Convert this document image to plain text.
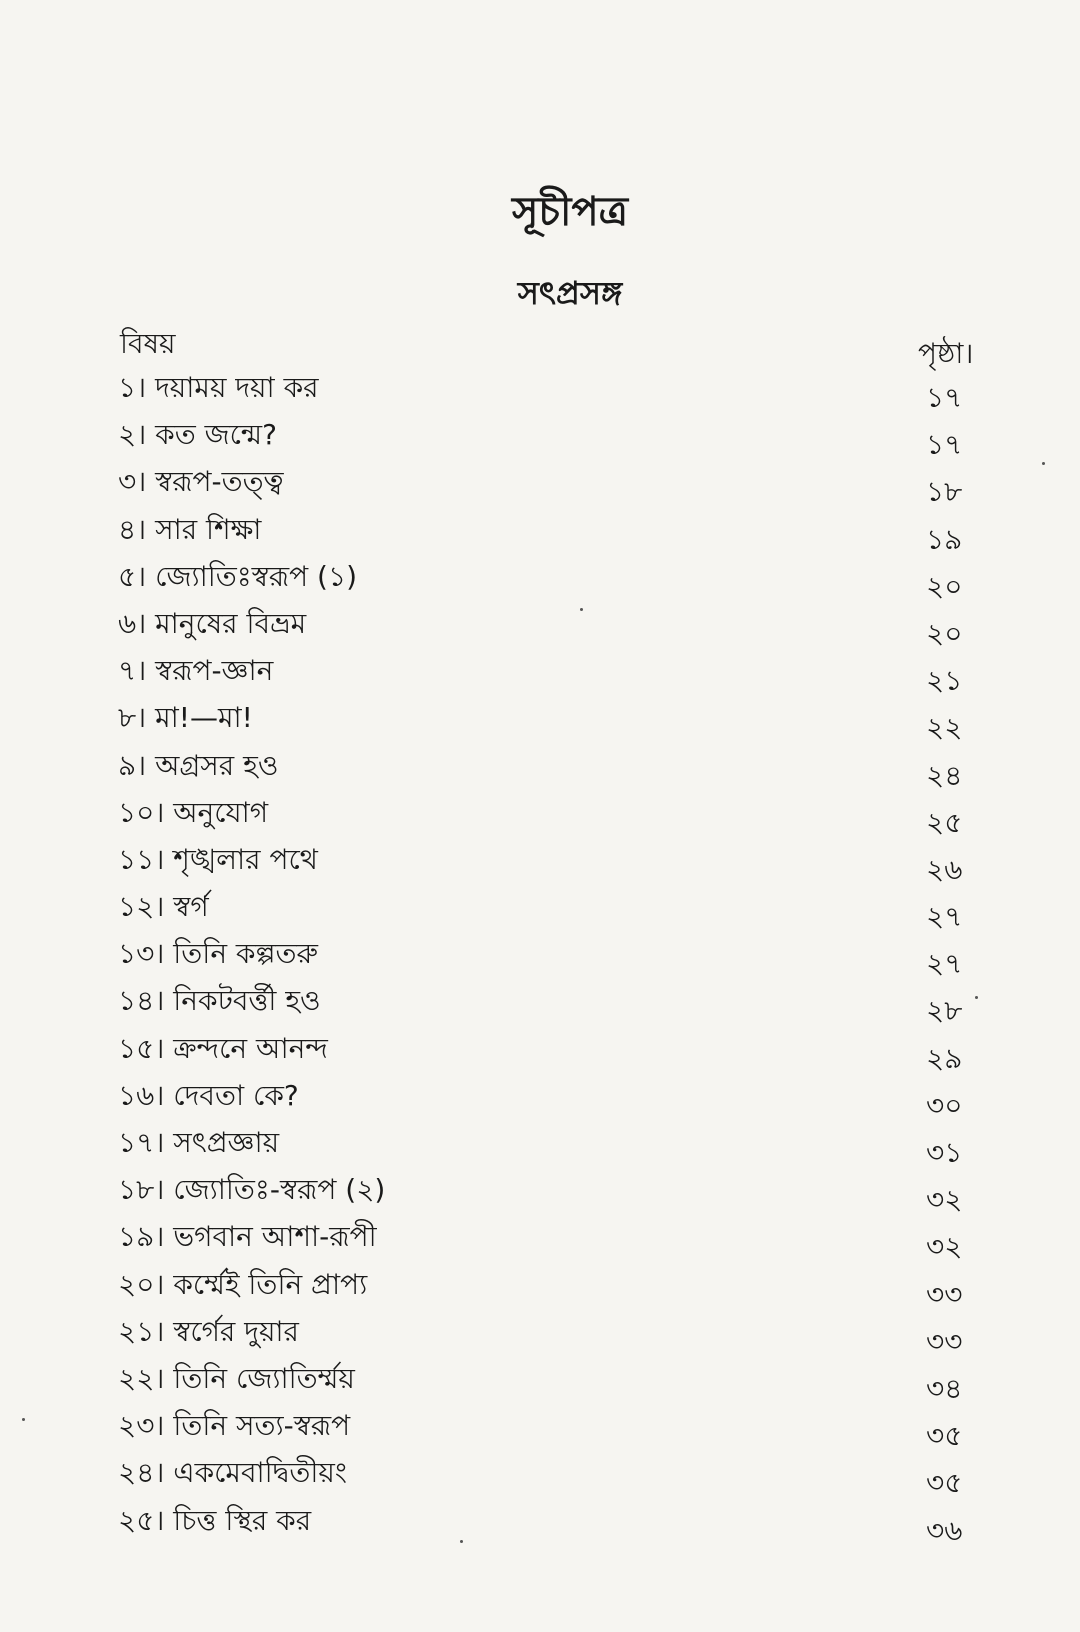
সূচীপত্র
সৎপ্রসঙ্গ
বিষয়	পৃষ্ঠা।
১। দয়াময় দয়া কর	১৭
২। কত জন্মে?	১৭
৩। স্বরূপ-তত্ত্ব	১৮
৪। সার শিক্ষা	১৯
৫। জ্যোতিঃস্বরূপ (১)	২০
৬। মানুষের বিভ্রম	২০
৭। স্বরূপ-জ্ঞান	২১
৮। মা!—মা!	২২
৯। অগ্রসর হও	২৪
১০। অনুযোগ	২৫
১১। শৃঙ্খলার পথে	২৬
১২। স্বর্গ	২৭
১৩। তিনি কল্পতরু	২৭
১৪। নিকটবর্ত্তী হও	২৮
১৫। ক্রন্দনে আনন্দ	২৯
১৬। দেবতা কে?	৩০
১৭। সৎপ্রজ্ঞায়	৩১
১৮। জ্যোতিঃ-স্বরূপ (২)	৩২
১৯। ভগবান আশা-রূপী	৩২
২০। কর্ম্মেই তিনি প্রাপ্য	৩৩
২১। স্বর্গের দুয়ার	৩৩
২২। তিনি জ্যোতির্ম্ময়	৩৪
২৩। তিনি সত্য-স্বরূপ	৩৫
২৪। একমেবাদ্বিতীয়ং	৩৫
২৫। চিত্ত স্থির কর	৩৬
